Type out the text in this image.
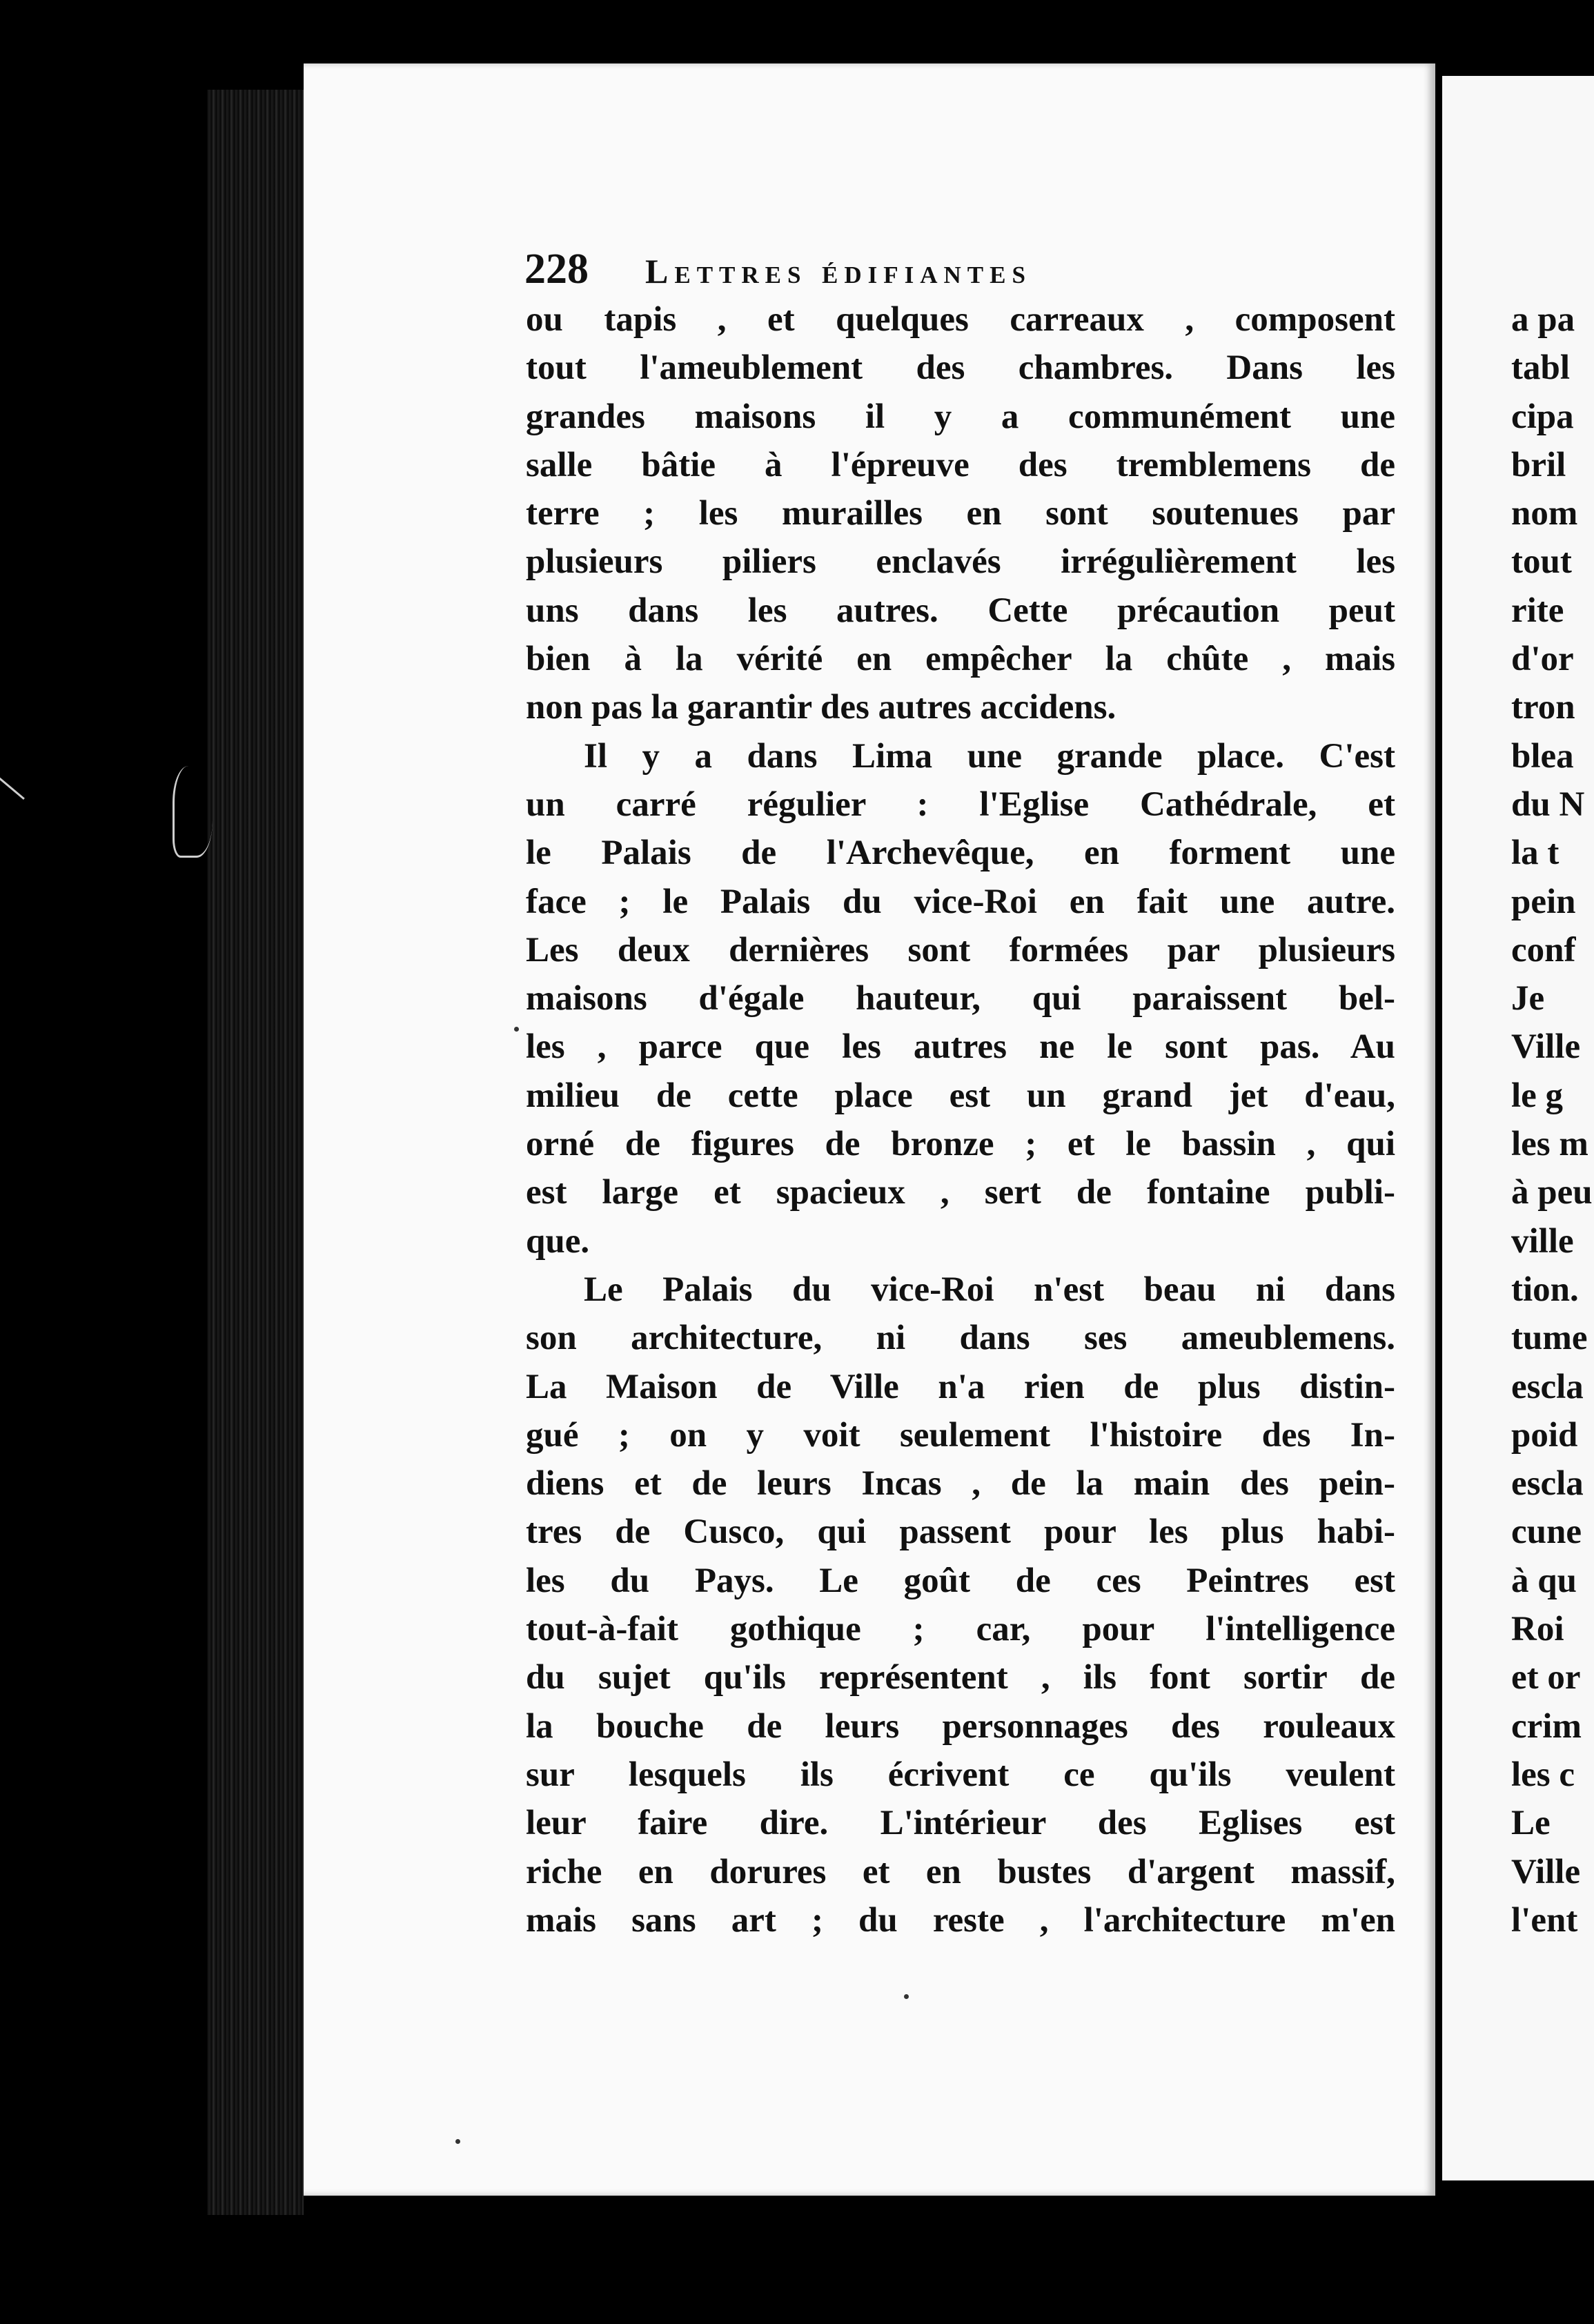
228 Lettres édifiantes
ou tapis , et quelques carreaux , composent
tout l'ameublement des chambres. Dans les
grandes maisons il y a communément une
salle bâtie à l'épreuve des tremblemens de
terre ; les murailles en sont soutenues par
plusieurs piliers enclavés irrégulièrement les
uns dans les autres. Cette précaution peut
bien à la vérité en empêcher la chûte , mais
non pas la garantir des autres accidens.
Il y a dans Lima une grande place. C'est
un carré régulier : l'Eglise Cathédrale, et
le Palais de l'Archevêque, en forment une
face ; le Palais du vice-Roi en fait une autre.
Les deux dernières sont formées par plusieurs
maisons d'égale hauteur, qui paraissent bel-
les , parce que les autres ne le sont pas. Au
milieu de cette place est un grand jet d'eau,
orné de figures de bronze ; et le bassin , qui
est large et spacieux , sert de fontaine publi-
que.
Le Palais du vice-Roi n'est beau ni dans
son architecture, ni dans ses ameublemens.
La Maison de Ville n'a rien de plus distin-
gué ; on y voit seulement l'histoire des In-
diens et de leurs Incas , de la main des pein-
tres de Cusco, qui passent pour les plus habi-
les du Pays. Le goût de ces Peintres est
tout-à-fait gothique ; car, pour l'intelligence
du sujet qu'ils représentent , ils font sortir de
la bouche de leurs personnages des rouleaux
sur lesquels ils écrivent ce qu'ils veulent
leur faire dire. L'intérieur des Eglises est
riche en dorures et en bustes d'argent massif,
mais sans art ; du reste , l'architecture m'en
a pa
tabl
cipa
bril
nom
tout
rite
d'or
tron
blea
du N
la t
pein
conf
Je
Ville
le g
les m
à peu
ville
tion.
tume
escla
poid
escla
cune
à qu
Roi
et or
crim
les c
Le
Ville
l'ent
